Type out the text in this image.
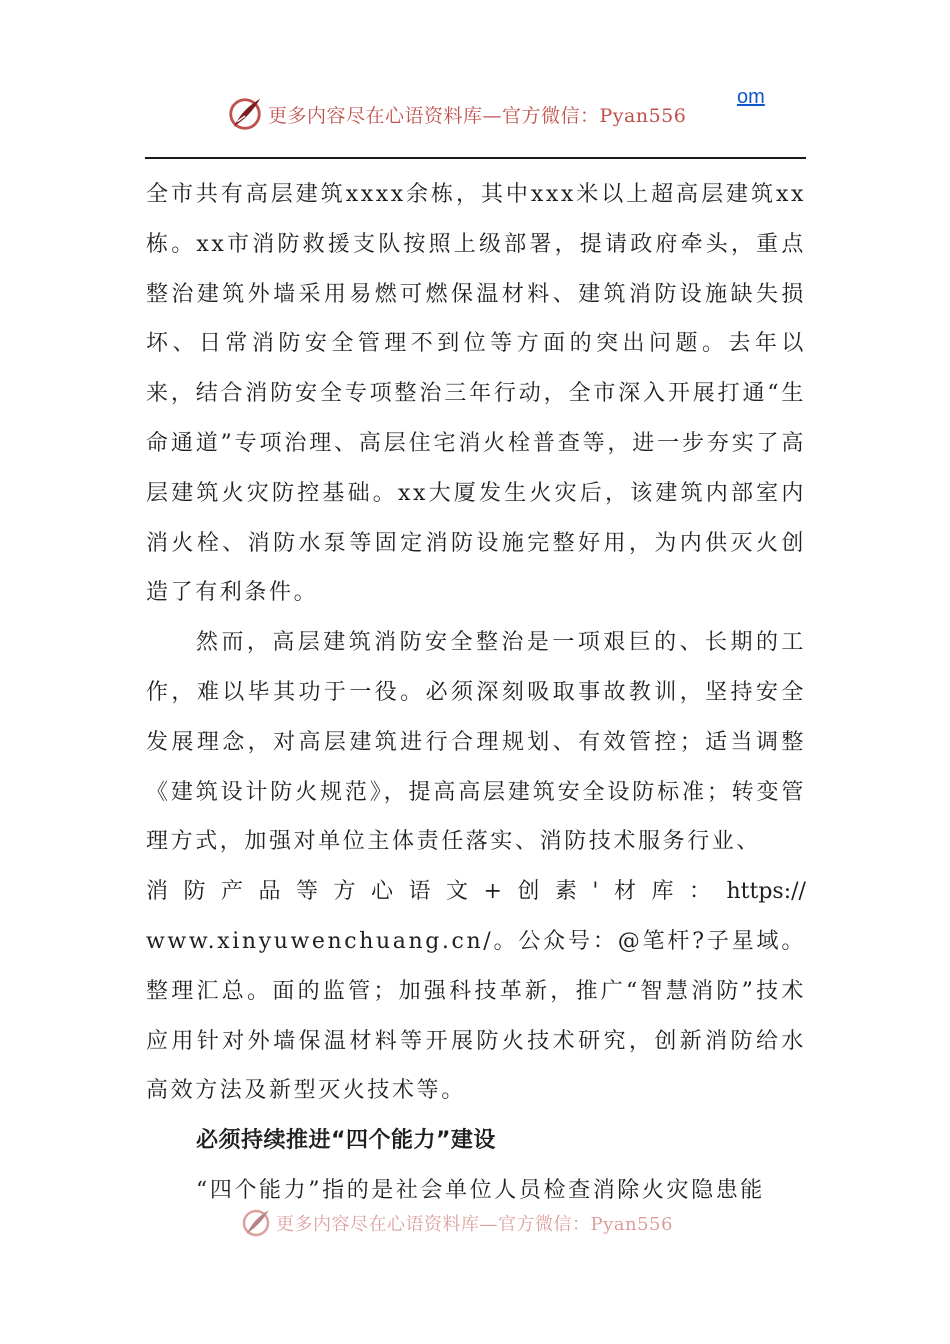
更多内容尽在心语资料库—官方微信：Pyan556
om

全市共有高层建筑xxxx余栋，其中xxx米以上超高层建筑xx栋。xx市消防救援支队按照上级部署，提请政府牵头，重点整治建筑外墙采用易燃可燃保温材料、建筑消防设施缺失损坏、日常消防安全管理不到位等方面的突出问题。去年以来，结合消防安全专项整治三年行动，全市深入开展打通“生命通道”专项治理、高层住宅消火栓普查等，进一步夯实了高层建筑火灾防控基础。xx大厦发生火灾后，该建筑内部室内消火栓、消防水泵等固定消防设施完整好用，为内供灭火创造了有利条件。

然而，高层建筑消防安全整治是一项艰巨的、长期的工作，难以毕其功于一役。必须深刻吸取事故教训，坚持安全发展理念，对高层建筑进行合理规划、有效管控；适当调整《建筑设计防火规范》，提高高层建筑安全设防标准；转变管理方式，加强对单位主体责任落实、消防技术服务行业、

消 防 产 品 等 方 心 语 文 + 创 素 ' 材 库 ： https://

www.xinyuwenchuang.cn/。公众号：@笔杆?子星域。整理汇总。面的监管；加强科技革新，推广“智慧消防”技术应用针对外墙保温材料等开展防火技术研究，创新消防给水高效方法及新型灭火技术等。

必须持续推进“四个能力”建设

“四个能力”指的是社会单位人员检查消除火灾隐患能

更多内容尽在心语资料库—官方微信：Pyan556
